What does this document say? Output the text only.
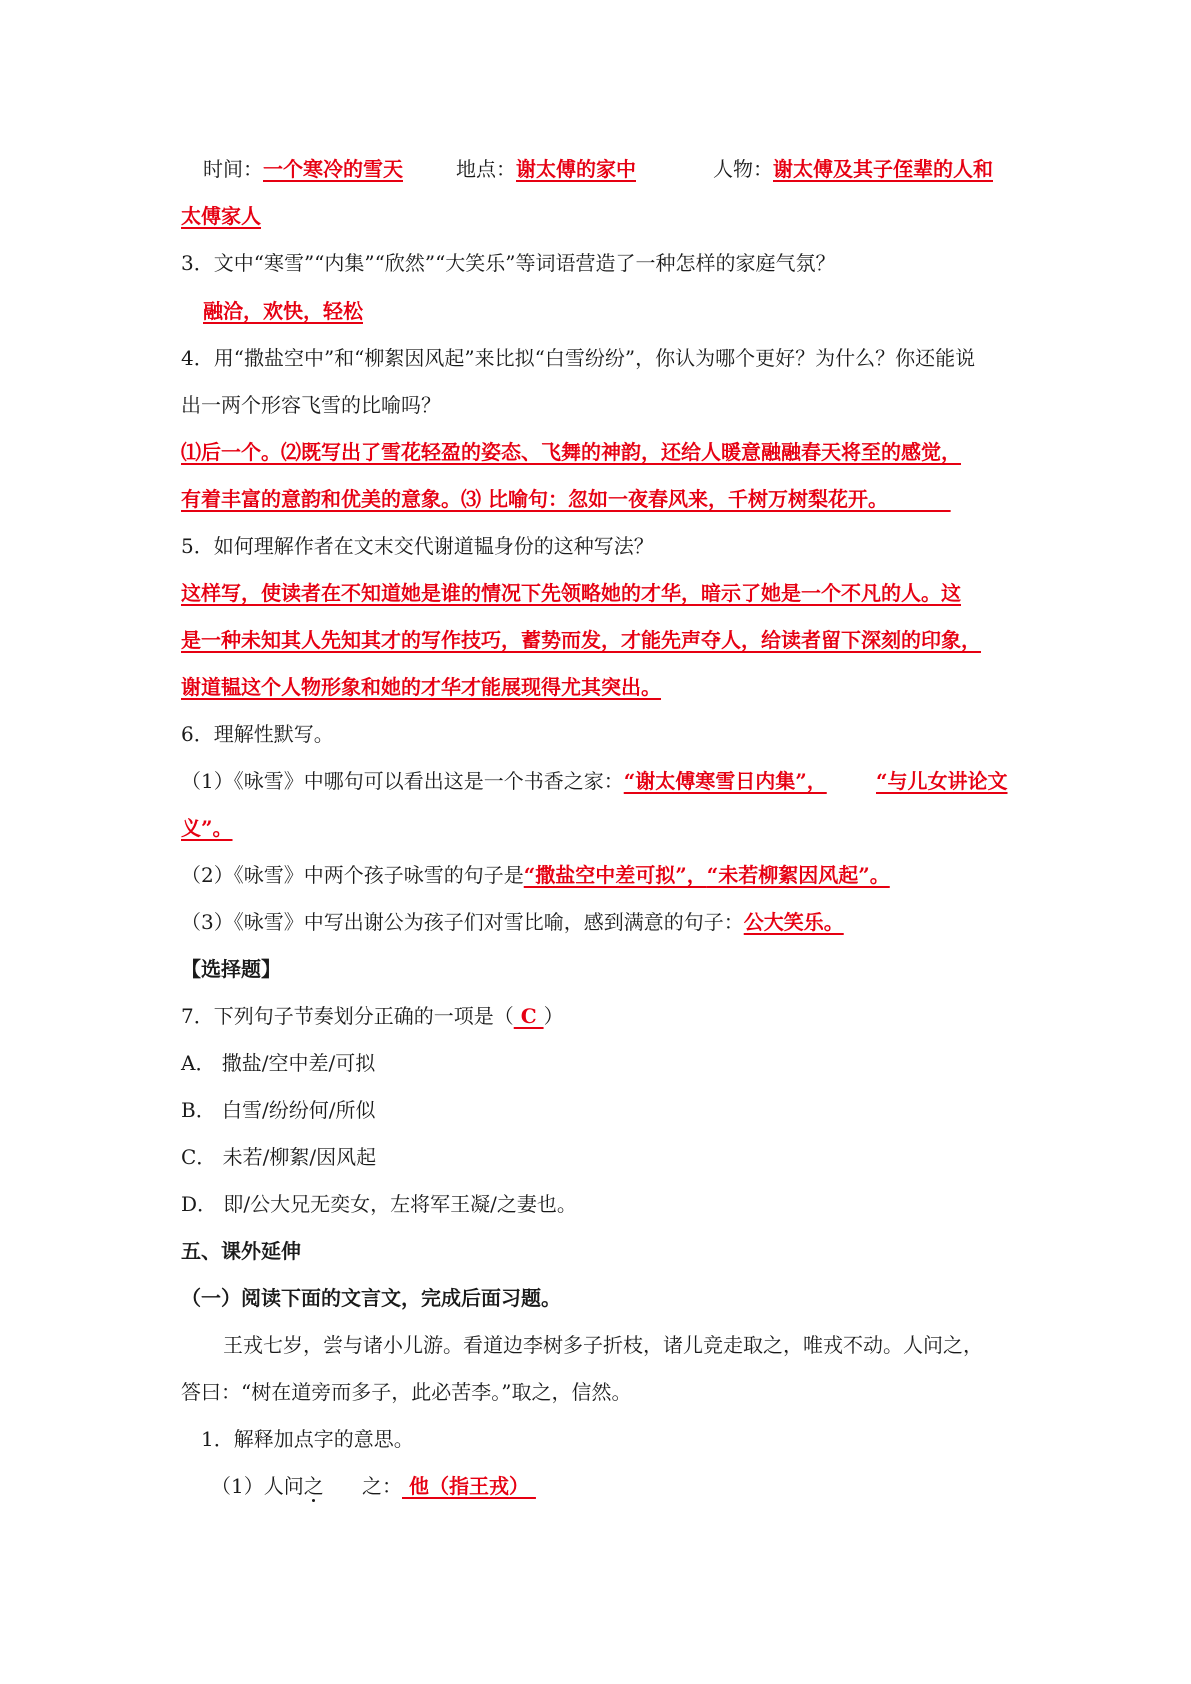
时间：一个寒冷的雪天	地点：谢太傅的家中	人物：谢太傅及其子侄辈的人和
太傅家人
3．文中“寒雪”“内集”“欣然”“大笑乐”等词语营造了一种怎样的家庭气氛？
融洽，欢快，轻松
4．用“撒盐空中”和“柳絮因风起”来比拟“白雪纷纷”，你认为哪个更好？为什么？你还能说
出一两个形容飞雪的比喻吗？
⑴后一个。⑵既写出了雪花轻盈的姿态、飞舞的神韵，还给人暖意融融春天将至的感觉，
有着丰富的意韵和优美的意象。⑶ 比喻句：忽如一夜春风来，千树万树梨花开。
5．如何理解作者在文末交代谢道韫身份的这种写法？
这样写，使读者在不知道她是谁的情况下先领略她的才华，暗示了她是一个不凡的人。这
是一种未知其人先知其才的写作技巧，蓄势而发，才能先声夺人，给读者留下深刻的印象，
谢道韫这个人物形象和她的才华才能展现得尤其突出。
6．理解性默写。
（1）《咏雪》中哪句可以看出这是一个书香之家：“谢太傅寒雪日内集”， “与儿女讲论文
义”。
（2）《咏雪》中两个孩子咏雪的句子是“撒盐空中差可拟”，“未若柳絮因风起”。
（3）《咏雪》中写出谢公为孩子们对雪比喻，感到满意的句子：公大笑乐。
【选择题】
7．下列句子节奏划分正确的一项是（ C ）
A． 撒盐/空中差/可拟
B． 白雪/纷纷何/所似
C． 未若/柳絮/因风起
D． 即/公大兄无奕女，左将军王凝/之妻也。
五、课外延伸
（一）阅读下面的文言文，完成后面习题。
王戎七岁，尝与诸小儿游。看道边李树多子折枝，诸儿竞走取之，唯戎不动。人问之，
答曰：“树在道旁而多子，此必苦李。”取之，信然。
1．解释加点字的意思。
（1）人问之 之： 他（指王戎）
